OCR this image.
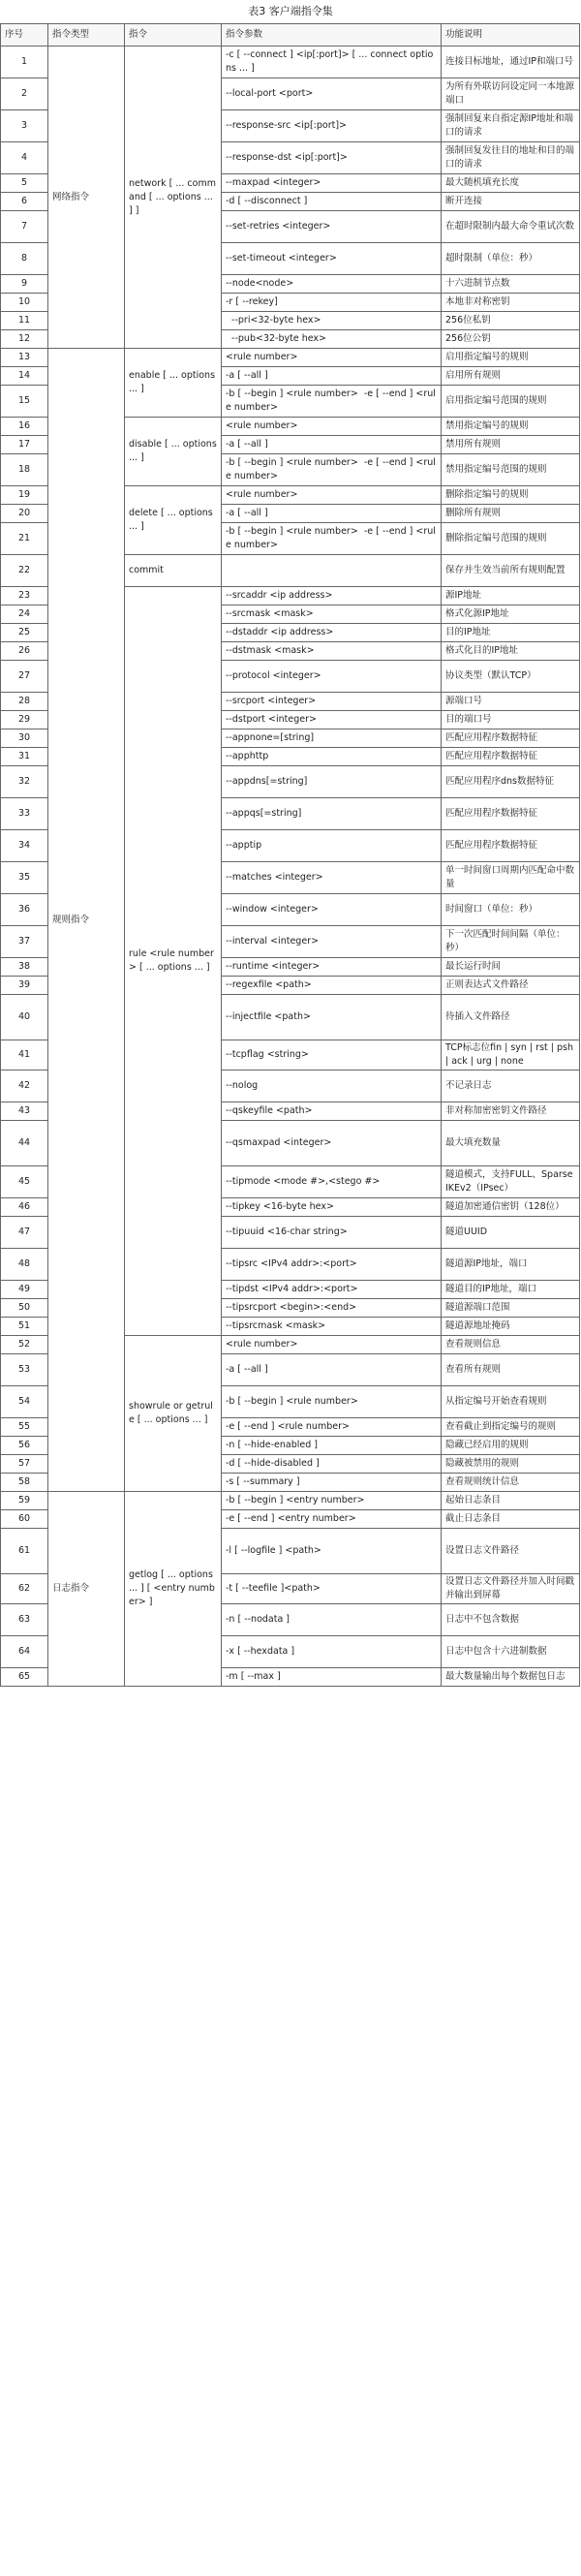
表3 客户端指令集
序号	指令类型	指令	指令参数	功能说明
1	网络指令	network [ ... command [ ... options ... ] ]	-c [ --connect ] <ip[:port]> [ ... connect options ... ]	连接目标地址，通过IP和端口号
2			--local-port <port>	为所有外联访问设定同一本地源端口
3			--response-src <ip[:port]>	强制回复来自指定源IP地址和端口的请求
4			--response-dst <ip[:port]>	强制回复发往目的地址和目的端口的请求
5			--maxpad <integer>	最大随机填充长度
6			-d [ --disconnect ]	断开连接
7			--set-retries <integer>	在超时限制内最大命令重试次数
8			--set-timeout <integer>	超时限制（单位：秒）
9			--node<node>	十六进制节点数
10			-r [ --rekey]	本地非对称密钥
11			--pri<32-byte hex>	256位私钥
12			--pub<32-byte hex>	256位公钥
13	规则指令	enable [ ... options ... ]	<rule number>	启用指定编号的规则
14			-a [ --all ]	启用所有规则
15			-b [ --begin ] <rule number>  -e [ --end ] <rule number>	启用指定编号范围的规则
16		disable [ ... options ... ]	<rule number>	禁用指定编号的规则
17			-a [ --all ]	禁用所有规则
18			-b [ --begin ] <rule number>  -e [ --end ] <rule number>	禁用指定编号范围的规则
19		delete [ ... options ... ]	<rule number>	删除指定编号的规则
20			-a [ --all ]	删除所有规则
21			-b [ --begin ] <rule number>  -e [ --end ] <rule number>	删除指定编号范围的规则
22		commit		保存并生效当前所有规则配置
23		rule <rule number> [ ... options ... ]	--srcaddr <ip address>	源IP地址
24			--srcmask <mask>	格式化源IP地址
25			--dstaddr <ip address>	目的IP地址
26			--dstmask <mask>	格式化目的IP地址
27			--protocol <integer>	协议类型（默认TCP）
28			--srcport <integer>	源端口号
29			--dstport <integer>	目的端口号
30			--appnone=[string]	匹配应用程序数据特征
31			--apphttp	匹配应用程序数据特征
32			--appdns[=string]	匹配应用程序dns数据特征
33			--appqs[=string]	匹配应用程序数据特征
34			--apptip	匹配应用程序数据特征
35			--matches <integer>	单一时间窗口周期内匹配命中数量
36			--window <integer>	时间窗口（单位：秒）
37			--interval <integer>	下一次匹配时间间隔（单位：秒）
38			--runtime <integer>	最长运行时间
39			--regexfile <path>	正则表达式文件路径
40			--injectfile <path>	待插入文件路径
41			--tcpflag <string>	TCP标志位fin | syn | rst | psh | ack | urg | none
42			--nolog	不记录日志
43			--qskeyfile <path>	非对称加密密钥文件路径
44			--qsmaxpad <integer>	最大填充数量
45			--tipmode <mode #>,<stego #>	隧道模式，支持FULL、Sparse IKEv2（IPsec）
46			--tipkey <16-byte hex>	隧道加密通信密钥（128位）
47			--tipuuid <16-char string>	隧道UUID
48			--tipsrc <IPv4 addr>:<port>	隧道源IP地址，端口
49			--tipdst <IPv4 addr>:<port>	隧道目的IP地址，端口
50			--tipsrcport <begin>:<end>	隧道源端口范围
51			--tipsrcmask <mask>	隧道源地址掩码
52		showrule or getrule [ ... options ... ]	<rule number>	查看规则信息
53			-a [ --all ]	查看所有规则
54			-b [ --begin ] <rule number>	从指定编号开始查看规则
55			-e [ --end ] <rule number>	查看截止到指定编号的规则
56			-n [ --hide-enabled ]	隐藏已经启用的规则
57			-d [ --hide-disabled ]	隐藏被禁用的规则
58			-s [ --summary ]	查看规则统计信息
59	日志指令	getlog [ ... options ... ] [ <entry number> ]	-b [ --begin ] <entry number>	起始日志条目
60			-e [ --end ] <entry number>	截止日志条目
61			-l [ --logfile ] <path>	设置日志文件路径
62			-t [ --teefile ]<path>	设置日志文件路径并加入时间戳并输出到屏幕
63			-n [ --nodata ]	日志中不包含数据
64			-x [ --hexdata ]	日志中包含十六进制数据
65			-m [ --max ]	最大数量输出每个数据包日志
